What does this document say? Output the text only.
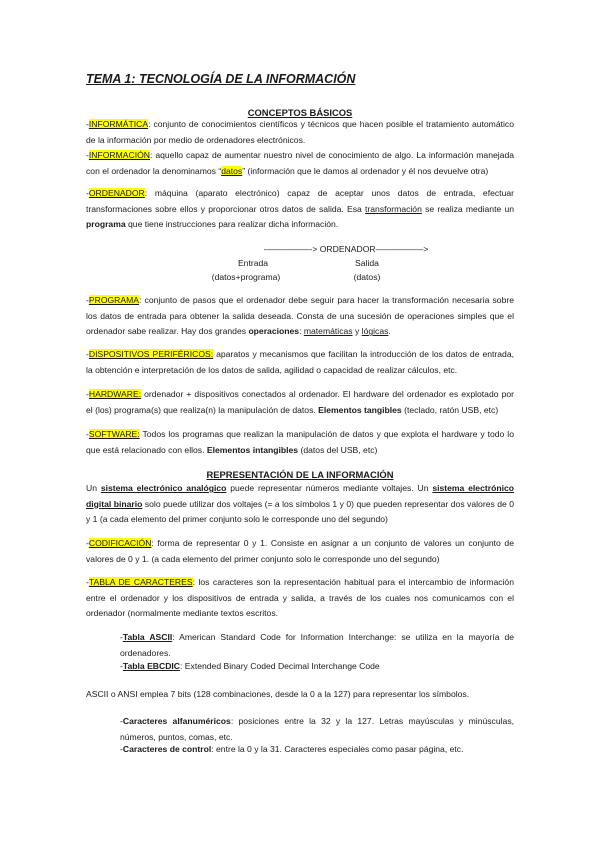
TEMA 1: TECNOLOGÍA DE LA INFORMACIÓN
CONCEPTOS BÁSICOS
-INFORMÁTICA: conjunto de conocimientos científicos y técnicos que hacen posible el tratamiento automático de la información por medio de ordenadores electrónicos.
-INFORMACIÓN: aquello capaz de aumentar nuestro nivel de conocimiento de algo. La información manejada con el ordenador la denominamos “datos” (información que le damos al ordenador y él nos devuelve otra)
-ORDENADOR: máquina (aparato electrónico) capaz de aceptar unos datos de entrada, efectuar transformaciones sobre ellos y proporcionar otros datos de salida. Esa transformación se realiza mediante un programa que tiene instrucciones para realizar dicha información.
-—————-> ORDENADOR———–——>
Entrada
(datos+programa)
Salida
(datos)
-PROGRAMA: conjunto de pasos que el ordenador debe seguir para hacer la transformación necesaria sobre los datos de entrada para obtener la salida deseada. Consta de una sucesión de operaciones simples que el ordenador sabe realizar. Hay dos grandes operaciones: matemáticas y lógicas.
-DISPOSITIVOS PERIFÉRICOS: aparatos y mecanismos que facilitan la introducción de los datos de entrada, la obtención e interpretación de los datos de salida, agilidad o capacidad de realizar cálculos, etc.
-HARDWARE: ordenador + dispositivos conectados al ordenador. El hardware del ordenador es explotado por el (los) programa(s) que realiza(n) la manipulación de datos. Elementos tangibles (teclado, ratón USB, etc)
-SOFTWARE: Todos los programas que realizan la manipulación de datos y que explota el hardware y todo lo que está relacionado con ellos. Elementos intangibles (datos del USB, etc)
REPRESENTACIÓN DE LA INFORMACIÓN
Un sistema electrónico analógico puede representar números mediante voltajes. Un sistema electrónico digital binario solo puede utilizar dos voltajes (= a los símbolos 1 y 0) que pueden representar dos valores de 0 y 1 (a cada elemento del primer conjunto solo le corresponde uno del segundo)
-CODIFICACIÓN: forma de representar 0 y 1. Consiste en asignar a un conjunto de valores un conjunto de valores de 0 y 1. (a cada elemento del primer conjunto solo le corresponde uno del segundo)
-TABLA DE CARACTERES: los caracteres son la representación habitual para el intercambio de información entre el ordenador y los dispositivos de entrada y salida, a través de los cuales nos comunicamos con el ordenador (normalmente mediante textos escritos.
-Tabla ASCII: American Standard Code for Information Interchange: se utiliza en la mayoría de ordenadores.
-Tabla EBCDIC: Extended Binary Coded Decimal Interchange Code
ASCII o ANSI emplea 7 bits (128 combinaciones, desde la 0 a la 127) para representar los símbolos.
-Caracteres alfanuméricos: posiciones entre la 32 y la 127. Letras mayúsculas y minúsculas, números, puntos, comas, etc.
-Caracteres de control: entre la 0 y la 31. Caracteres especiales como pasar página, etc.
